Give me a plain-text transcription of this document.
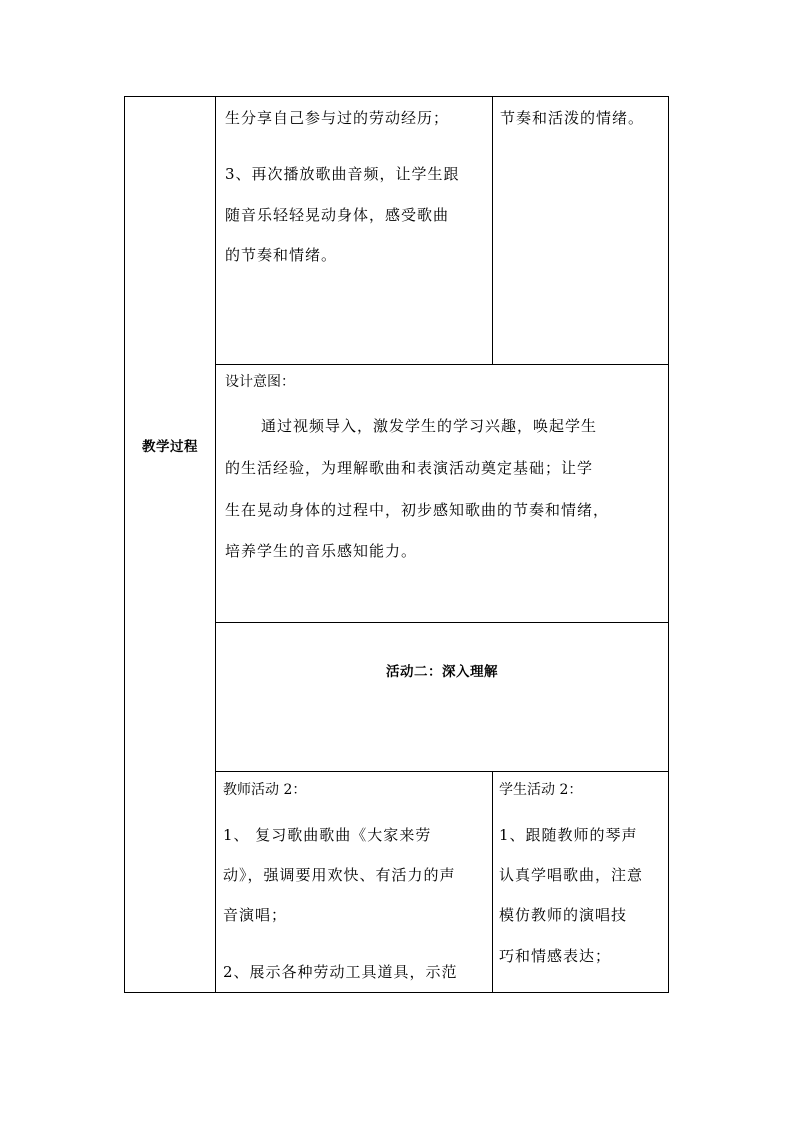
教学过程

生分享自己参与过的劳动经历；

3、再次播放歌曲音频，让学生跟

随音乐轻轻晃动身体，感受歌曲

的节奏和情绪。

节奏和活泼的情绪。

设计意图：

通过视频导入，激发学生的学习兴趣，唤起学生

的生活经验，为理解歌曲和表演活动奠定基础；让学

生在晃动身体的过程中，初步感知歌曲的节奏和情绪，

培养学生的音乐感知能力。

活动二：深入理解

教师活动 2：

1、 复习歌曲歌曲《大家来劳

动》，强调要用欢快、有活力的声

音演唱；

2、展示各种劳动工具道具，示范

学生活动 2：

1、跟随教师的琴声

认真学唱歌曲，注意

模仿教师的演唱技

巧和情感表达；
